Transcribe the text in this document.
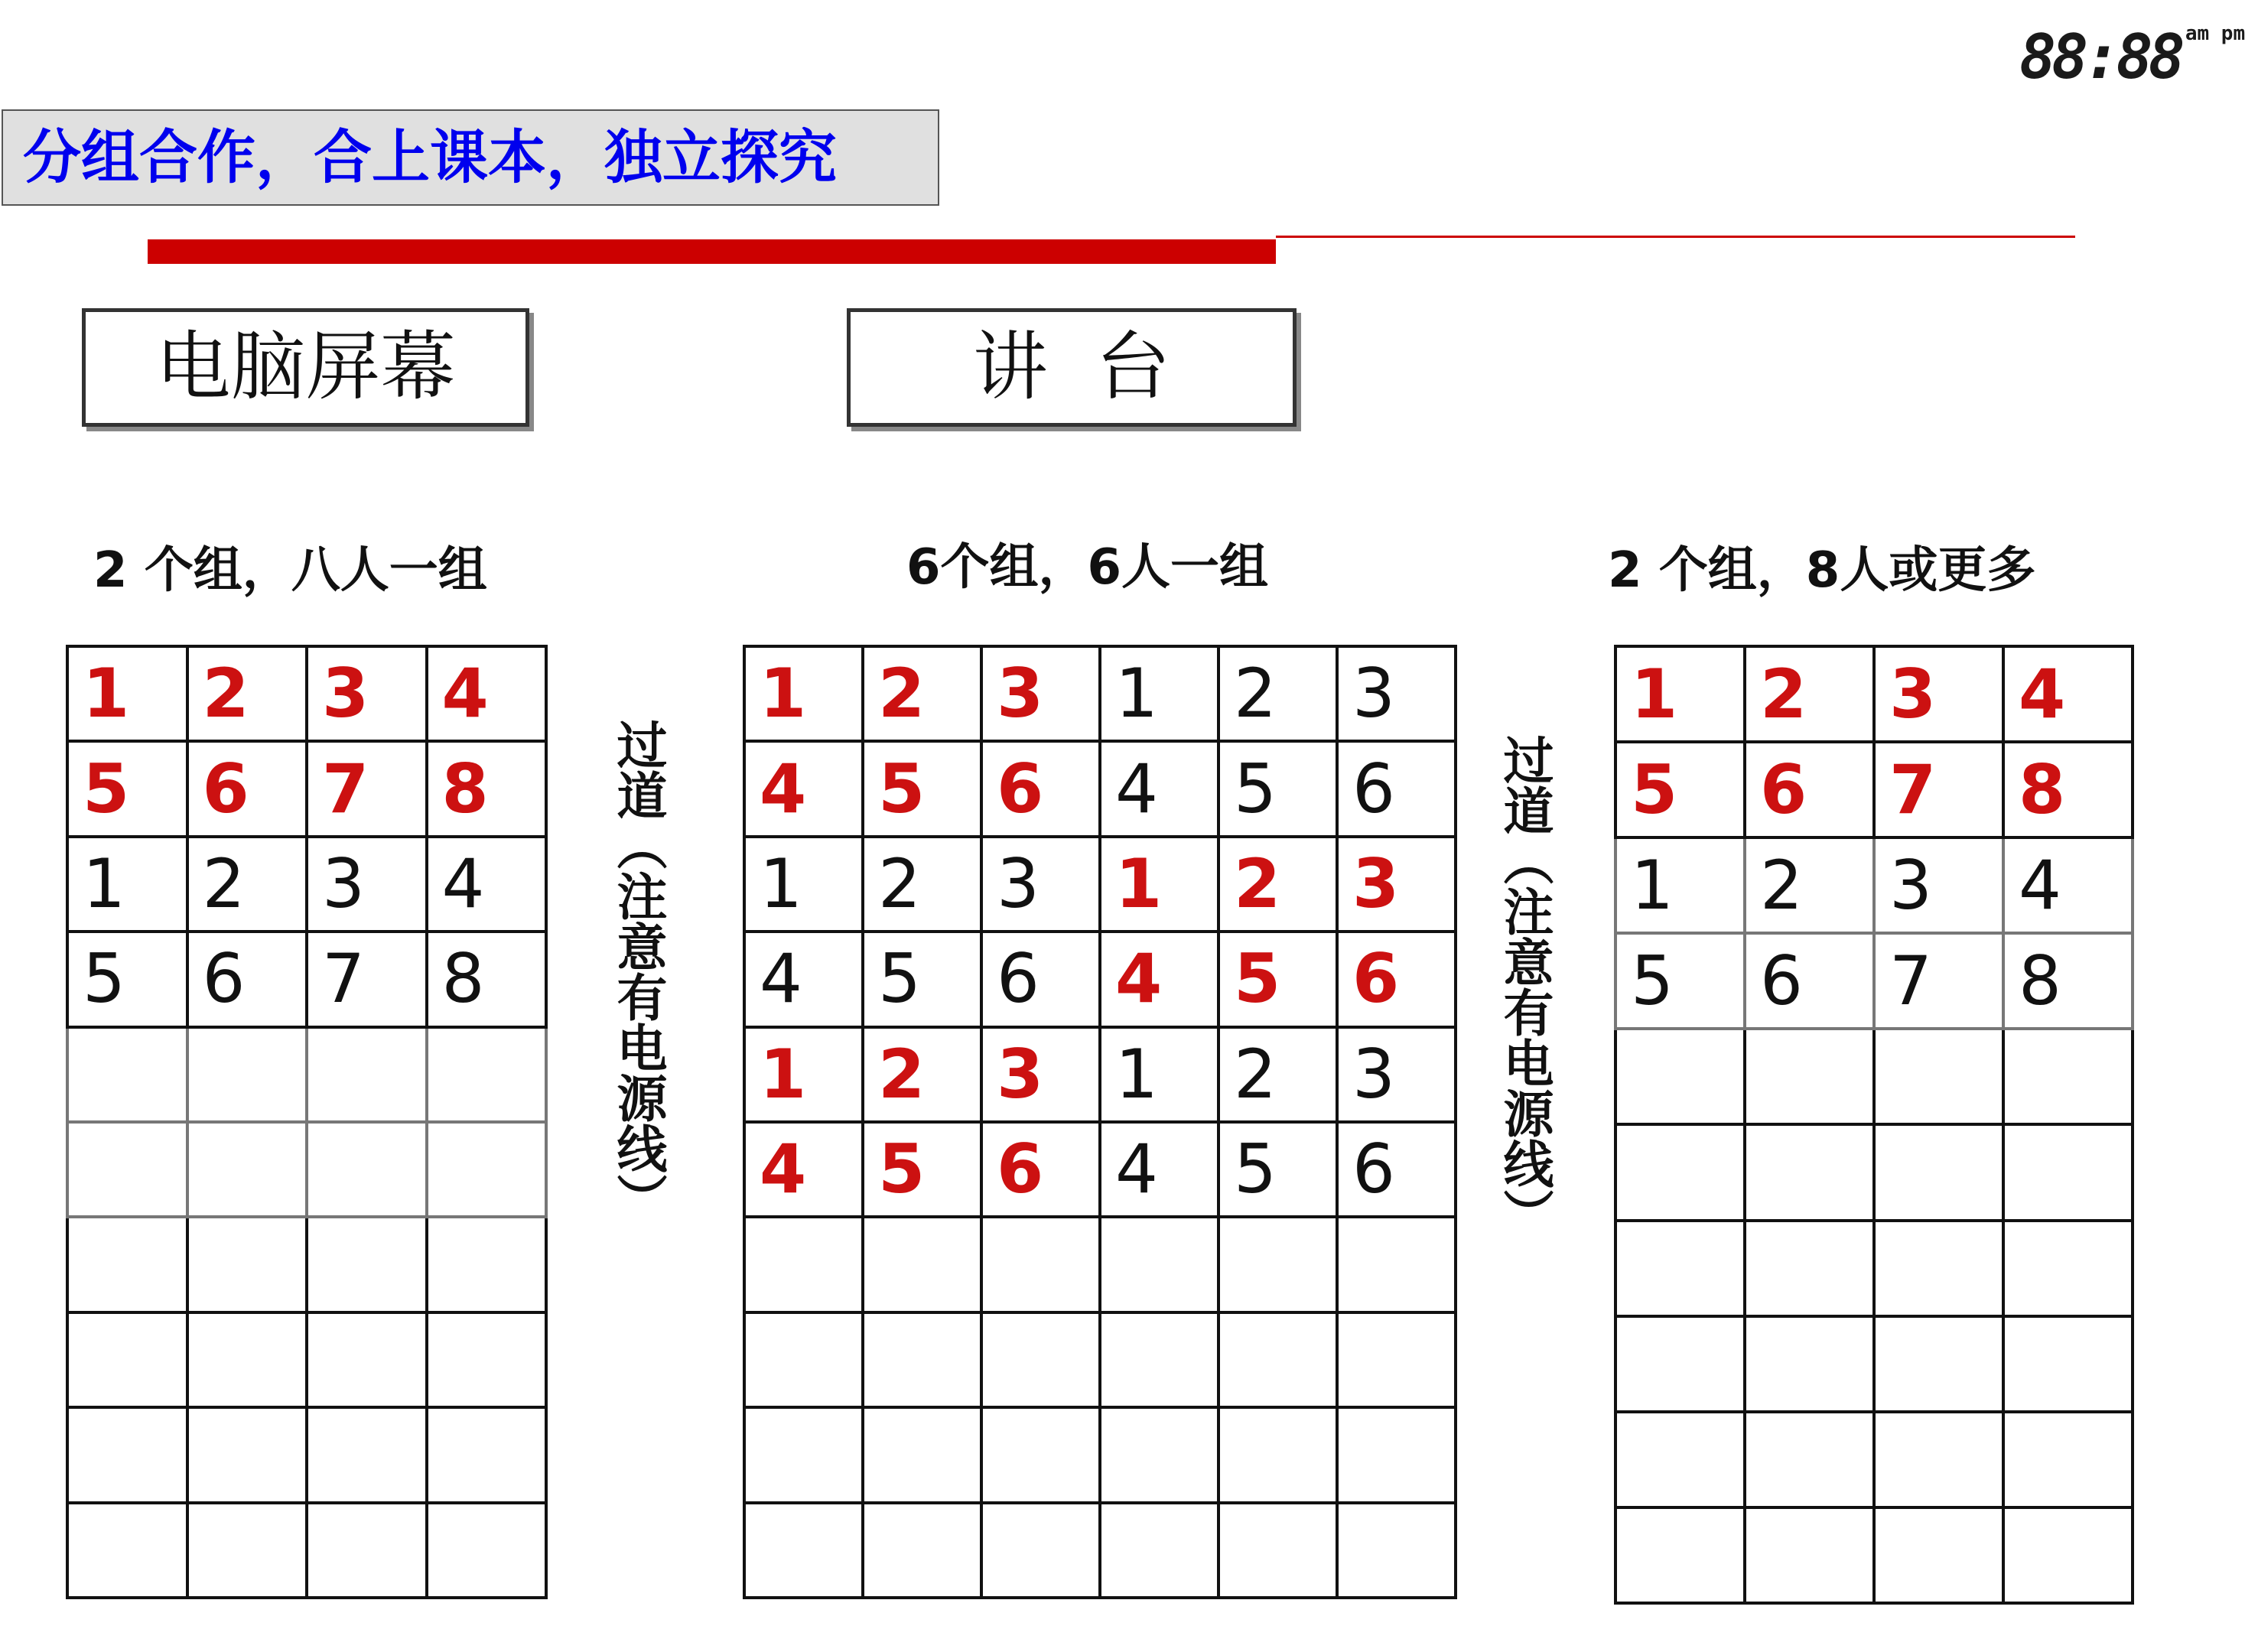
88:88 am pm
分组合作，合上课本，独立探究
电脑屏幕	讲  台
2 个组，八人一组	6个组，6人一组	2 个组，8人或更多
过道（注意有电源线）	过道（注意有电源线）
1	2	3	4
5	6	7	8
1	2	3	4
5	6	7	8

1	2	3	1	2	3
4	5	6	4	5	6
1	2	3	1	2	3
4	5	6	4	5	6
1	2	3	1	2	3
4	5	6	4	5	6

1	2	3	4
5	6	7	8
1	2	3	4
5	6	7	8
